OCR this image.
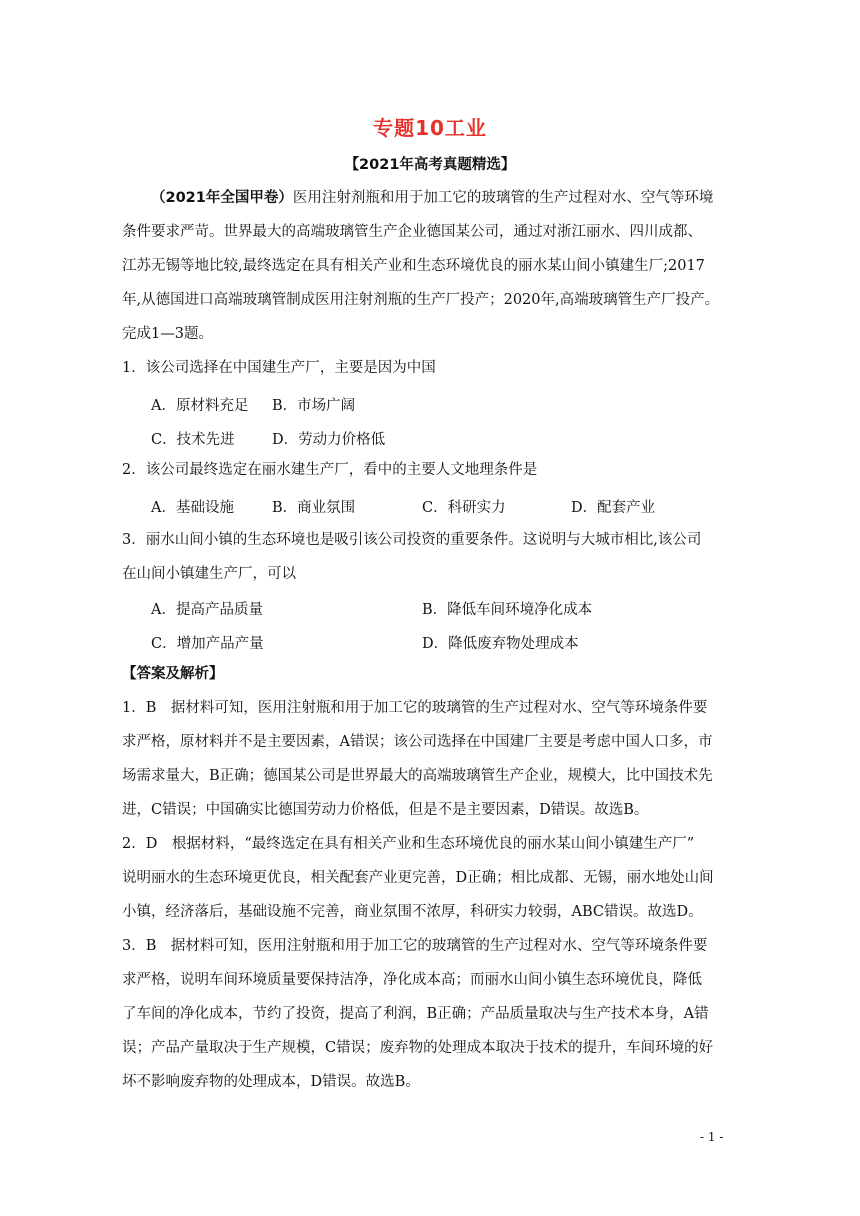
专题10工业
【2021年高考真题精选】
（2021年全国甲卷）医用注射剂瓶和用于加工它的玻璃管的生产过程对水、空气等环境
条件要求严苛。世界最大的高端玻璃管生产企业德国某公司，通过对浙江丽水、四川成都、
江苏无锡等地比较,最终选定在具有相关产业和生态环境优良的丽水某山间小镇建生厂;2017
年,从德国进口高端玻璃管制成医用注射剂瓶的生产厂投产；2020年,高端玻璃管生产厂投产。
完成1—3题。
1．该公司选择在中国建生产厂，主要是因为中国
A．原材料充足 B．市场广阔
C．技术先进	D．劳动力价格低
2．该公司最终选定在丽水建生产厂，看中的主要人文地理条件是
A．基础设施	B．商业氛围	C．科研实力	D．配套产业
3．丽水山间小镇的生态环境也是吸引该公司投资的重要条件。这说明与大城市相比,该公司
在山间小镇建生产厂，可以
A．提高产品质量	B．降低车间环境净化成本
C．增加产品产量	D．降低废弃物处理成本
【答案及解析】
1．B　据材料可知，医用注射瓶和用于加工它的玻璃管的生产过程对水、空气等环境条件要
求严格，原材料并不是主要因素，A错误；该公司选择在中国建厂主要是考虑中国人口多，市
场需求量大，B正确；德国某公司是世界最大的高端玻璃管生产企业，规模大，比中国技术先
进，C错误；中国确实比德国劳动力价格低，但是不是主要因素，D错误。故选B。
2．D　根据材料，“最终选定在具有相关产业和生态环境优良的丽水某山间小镇建生产厂”
说明丽水的生态环境更优良，相关配套产业更完善，D正确；相比成都、无锡，丽水地处山间
小镇，经济落后，基础设施不完善，商业氛围不浓厚，科研实力较弱，ABC错误。故选D。
3．B　据材料可知，医用注射瓶和用于加工它的玻璃管的生产过程对水、空气等环境条件要
求严格，说明车间环境质量要保持洁净，净化成本高；而丽水山间小镇生态环境优良，降低
了车间的净化成本，节约了投资，提高了利润，B正确；产品质量取决与生产技术本身，A错
误；产品产量取决于生产规模，C错误；废弃物的处理成本取决于技术的提升，车间环境的好
坏不影响废弃物的处理成本，D错误。故选B。
- 1 -
